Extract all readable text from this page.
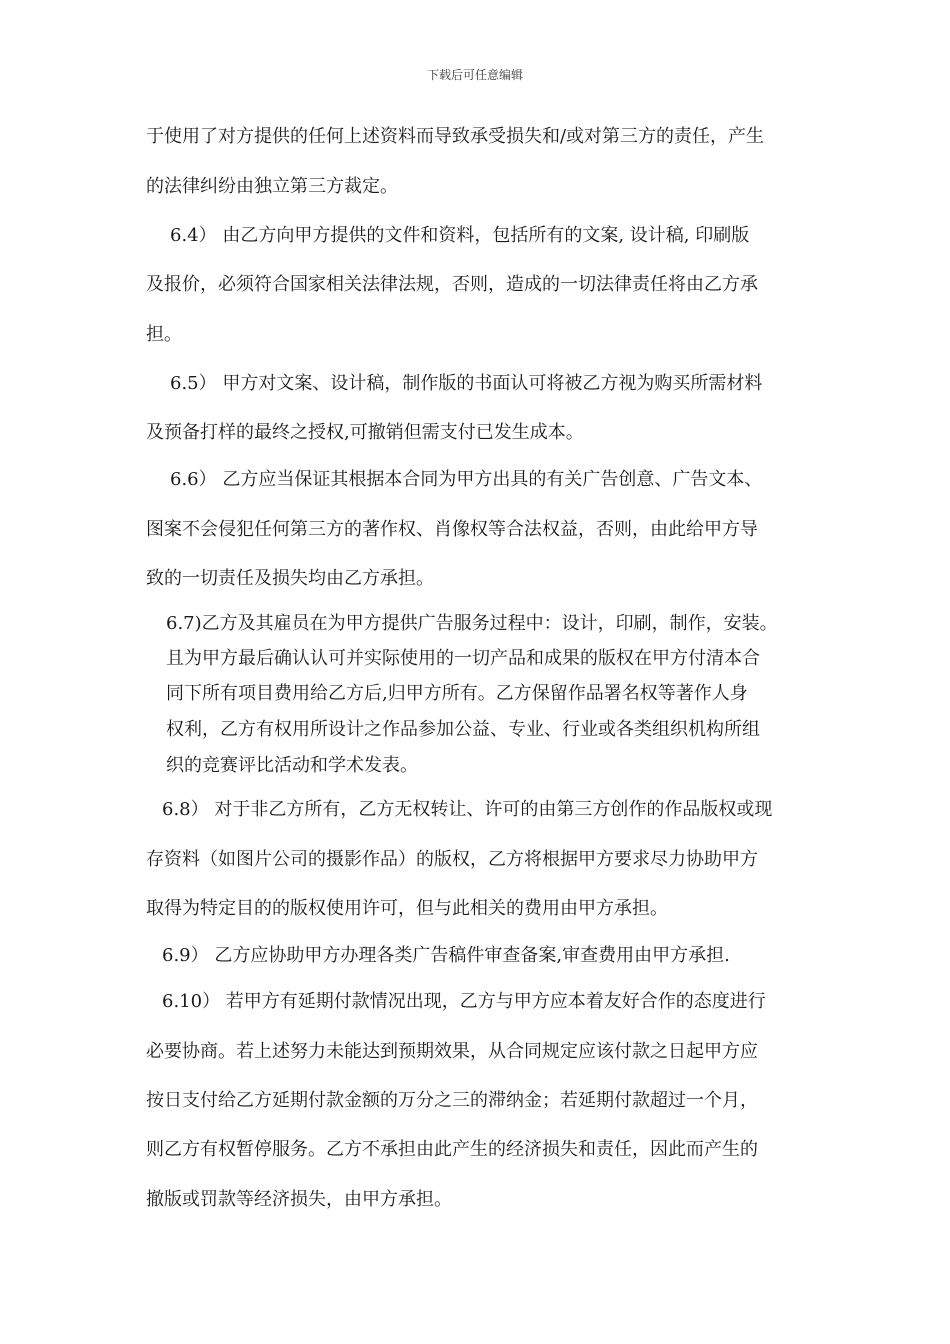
下载后可任意编辑
于使用了对方提供的任何上述资料而导致承受损失和/或对第三方的责任，产生
的法律纠纷由独立第三方裁定。
6.4） 由乙方向甲方提供的文件和资料，包括所有的文案, 设计稿, 印刷版
及报价，必须符合国家相关法律法规，否则，造成的一切法律责任将由乙方承
担。
6.5） 甲方对文案、设计稿，制作版的书面认可将被乙方视为购买所需材料
及预备打样的最终之授权,可撤销但需支付已发生成本。
6.6） 乙方应当保证其根据本合同为甲方出具的有关广告创意、广告文本、
图案不会侵犯任何第三方的著作权、肖像权等合法权益，否则，由此给甲方导
致的一切责任及损失均由乙方承担。
6.7)乙方及其雇员在为甲方提供广告服务过程中：设计，印刷，制作，安装。
且为甲方最后确认认可并实际使用的一切产品和成果的版权在甲方付清本合
同下所有项目费用给乙方后,归甲方所有。乙方保留作品署名权等著作人身
权利，乙方有权用所设计之作品参加公益、专业、行业或各类组织机构所组
织的竞赛评比活动和学术发表。
6.8） 对于非乙方所有，乙方无权转让、许可的由第三方创作的作品版权或现
存资料（如图片公司的摄影作品）的版权，乙方将根据甲方要求尽力协助甲方
取得为特定目的的版权使用许可，但与此相关的费用由甲方承担。
6.9） 乙方应协助甲方办理各类广告稿件审查备案,审查费用由甲方承担.
6.10） 若甲方有延期付款情况出现，乙方与甲方应本着友好合作的态度进行
必要协商。若上述努力未能达到预期效果，从合同规定应该付款之日起甲方应
按日支付给乙方延期付款金额的万分之三的滞纳金；若延期付款超过一个月，
则乙方有权暂停服务。乙方不承担由此产生的经济损失和责任，因此而产生的
撤版或罚款等经济损失，由甲方承担。
